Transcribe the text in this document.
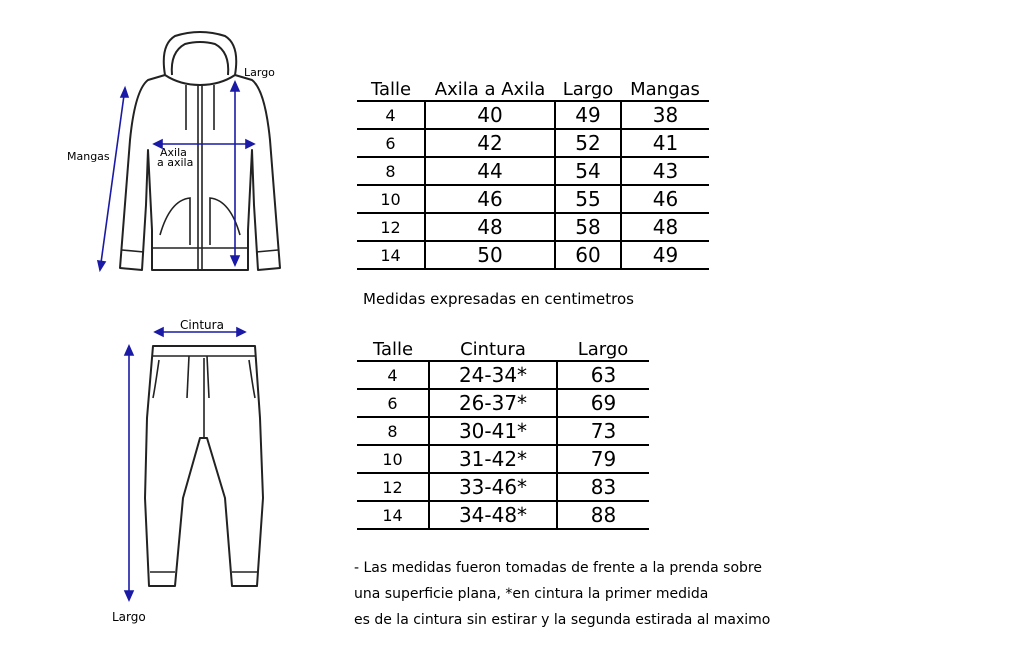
Largo
Mangas	Axila
a axila
Talle	Axila a Axila	Largo	Mangas
4	40	49	38
6	42	52	41
8	44	54	43
10	46	55	46
12	48	58	48
14	50	60	49
Medidas expresadas en centimetros
Cintura
Largo
Talle	Cintura	Largo
4	24-34*	63
6	26-37*	69
8	30-41*	73
10	31-42*	79
12	33-46*	83
14	34-48*	88
- Las medidas fueron tomadas de frente a la prenda sobre
una superficie plana, *en cintura la primer medida
es de la cintura sin estirar y la segunda estirada al maximo
